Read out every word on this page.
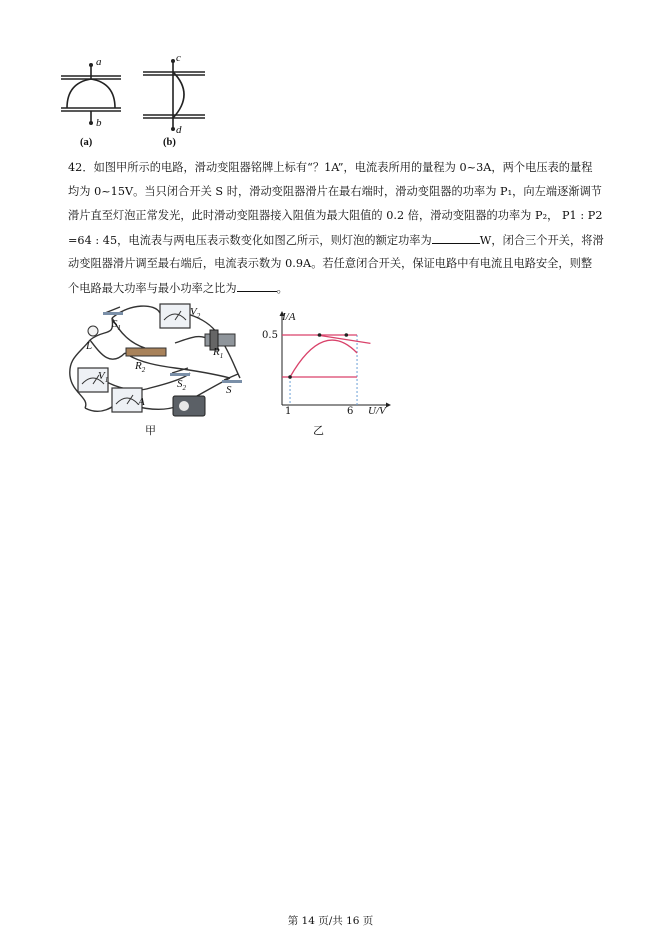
a
b
c
d
(a)	(b)
42．如图甲所示的电路，滑动变阻器铭牌上标有“？1A”，电流表所用的量程为 0~3A，两个电压表的量程
均为 0~15V。当只闭合开关 S 时，滑动变阻器滑片在最右端时，滑动变阻器的功率为 P₁，向左端逐渐调节
滑片直至灯泡正常发光，此时滑动变阻器接入阻值为最大阻值的 0.2 倍，滑动变阻器的功率为 P₂， P1 : P2
=64 : 45，电流表与两电压表示数变化如图乙所示，则灯泡的额定功率为	W，闭合三个开关，将滑
动变阻器滑片调至最右端后，电流表示数为 0.9A。若任意闭合开关，保证电路中有电流且电路安全，则整
个电路最大功率与最小功率之比为	。
$S_1$
$V_2$
L
$R_2$
$R_1$
$V_1$	$S_2$	S
A
甲
I/A
U/V
0.5
1	6
乙
第 14 页/共 16 页
